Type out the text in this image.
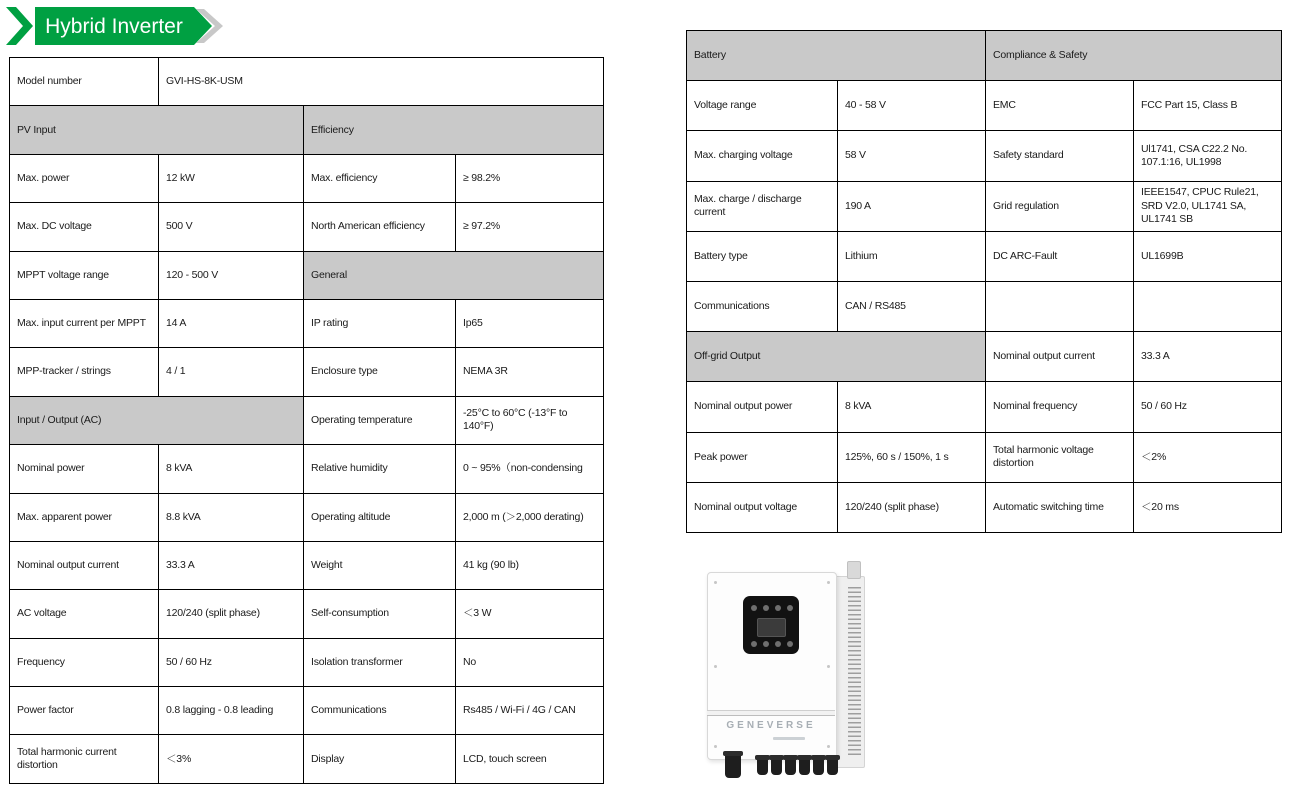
Hybrid Inverter
Model number	GVI-HS-8K-USM		
PV Input		Efficiency	
Max. power	12 kW	Max. efficiency	≥ 98.2%
Max. DC voltage	500 V	North American efficiency	≥ 97.2%
MPPT voltage range	120 - 500 V	General	
Max. input current per MPPT	14 A	IP rating	Ip65
MPP-tracker / strings	4 / 1	Enclosure type	NEMA 3R
Input / Output (AC)		Operating temperature	-25°C to 60°C (-13°F to 140°F)
Nominal power	8 kVA	Relative humidity	0 ~ 95%（non-condensing
Max. apparent power	8.8 kVA	Operating altitude	2,000 m (＞2,000 derating)
Nominal output current	33.3 A	Weight	41 kg (90 lb)
AC voltage	120/240 (split phase)	Self-consumption	＜3 W
Frequency	50 / 60 Hz	Isolation transformer	No
Power factor	0.8 lagging - 0.8 leading	Communications	Rs485 / Wi-Fi / 4G / CAN
Total harmonic current distortion	＜3%	Display	LCD, touch screen
Battery		Compliance & Safety	
Voltage range	40 - 58 V	EMC	FCC Part 15, Class B
Max. charging voltage	58 V	Safety standard	Ul1741, CSA C22.2 No. 107.1:16, UL1998
Max. charge / discharge current	190 A	Grid regulation	IEEE1547, CPUC Rule21, SRD V2.0, UL1741 SA, UL1741 SB
Battery type	Lithium	DC ARC-Fault	UL1699B
Communications	CAN / RS485		
Off-grid Output		Nominal output current	33.3 A
Nominal output power	8 kVA	Nominal frequency	50 / 60 Hz
Peak power	125%, 60 s / 150%, 1 s	Total harmonic voltage distortion	＜2%
Nominal output voltage	120/240 (split phase)	Automatic switching time	＜20 ms
GENEVERSE
